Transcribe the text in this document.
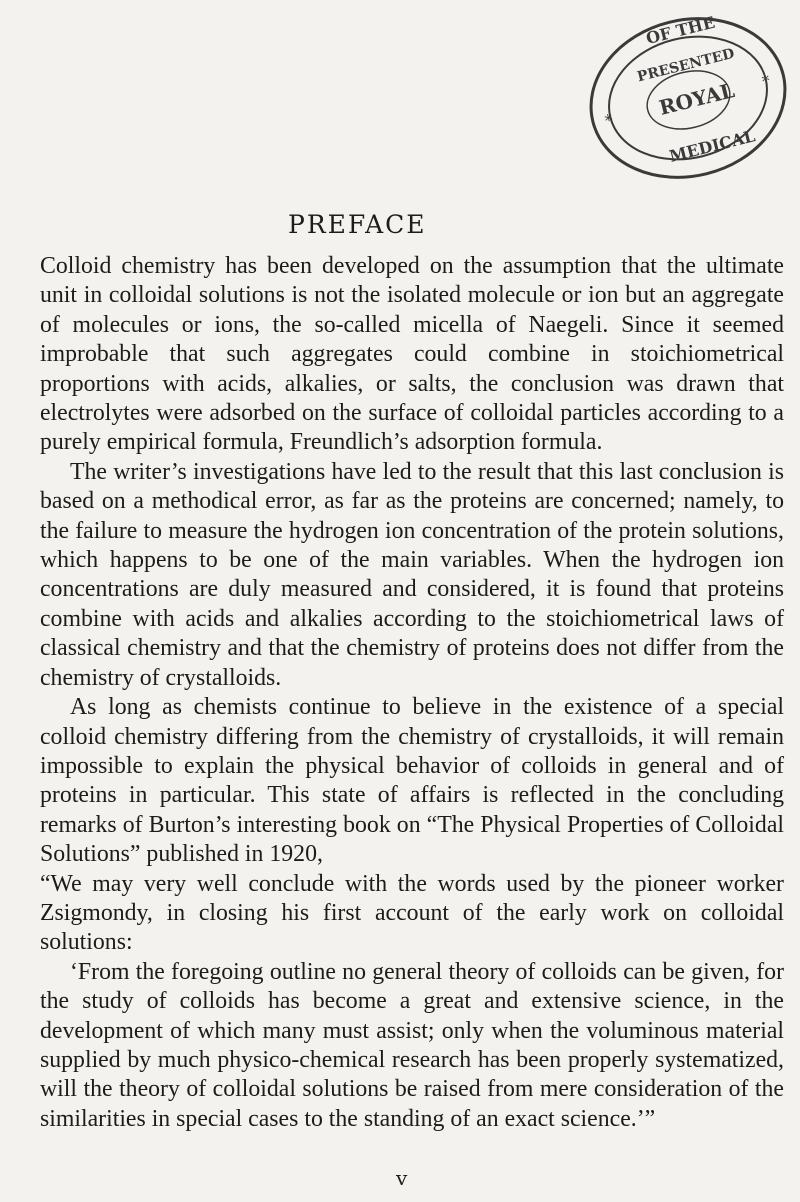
OF THE
PRESENTED
ROYAL
MEDICAL
*
*
PREFACE

Colloid chemistry has been developed on the assumption that the ultimate unit in colloidal solutions is not the isolated molecule or ion but an aggregate of molecules or ions, the so-called micella of Naegeli. Since it seemed improbable that such aggregates could combine in stoichiometrical proportions with acids, alkalies, or salts, the conclusion was drawn that electrolytes were adsorbed on the surface of colloidal particles according to a purely empirical formula, Freundlich’s adsorption formula.

The writer’s investigations have led to the result that this last conclusion is based on a methodical error, as far as the proteins are concerned; namely, to the failure to measure the hydrogen ion concentration of the protein solutions, which happens to be one of the main variables. When the hydrogen ion concentrations are duly measured and considered, it is found that proteins combine with acids and alkalies according to the stoichiometrical laws of classical chemistry and that the chemistry of proteins does not differ from the chemistry of crystalloids.

As long as chemists continue to believe in the existence of a special colloid chemistry differing from the chemistry of crystalloids, it will remain impossible to explain the physical behavior of colloids in general and of proteins in particular. This state of affairs is reflected in the concluding remarks of Burton’s interesting book on “The Physical Properties of Colloidal Solutions” published in 1920,

“We may very well conclude with the words used by the pioneer worker Zsigmondy, in closing his first account of the early work on colloidal solutions:

‘From the foregoing outline no general theory of colloids can be given, for the study of colloids has become a great and extensive science, in the development of which many must assist; only when the voluminous material supplied by much physico-chemical research has been properly systematized, will the theory of colloidal solutions be raised from mere consideration of the similarities in special cases to the standing of an exact science.’”

v
